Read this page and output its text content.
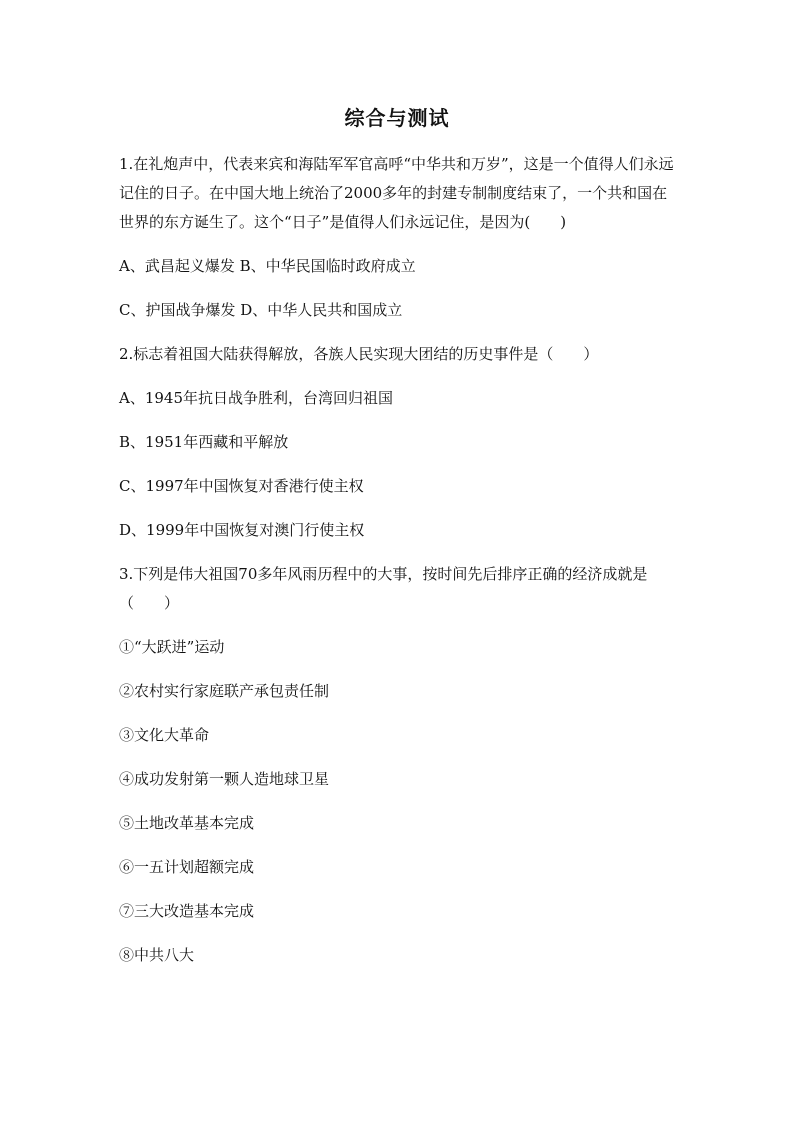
综合与测试

1.在礼炮声中，代表来宾和海陆军军官高呼“中华共和万岁”，这是一个值得人们永远记住的日子。在中国大地上统治了2000多年的封建专制制度结束了，一个共和国在世界的东方诞生了。这个“日子”是值得人们永远记住，是因为(　　)

A、武昌起义爆发 B、中华民国临时政府成立

C、护国战争爆发 D、中华人民共和国成立

2.标志着祖国大陆获得解放，各族人民实现大团结的历史事件是（　　）

A、1945年抗日战争胜利，台湾回归祖国

B、1951年西藏和平解放

C、1997年中国恢复对香港行使主权

D、1999年中国恢复对澳门行使主权

3.下列是伟大祖国70多年风雨历程中的大事，按时间先后排序正确的经济成就是（　　）

①“大跃进”运动

②农村实行家庭联产承包责任制

③文化大革命

④成功发射第一颗人造地球卫星

⑤土地改革基本完成

⑥一五计划超额完成

⑦三大改造基本完成

⑧中共八大
